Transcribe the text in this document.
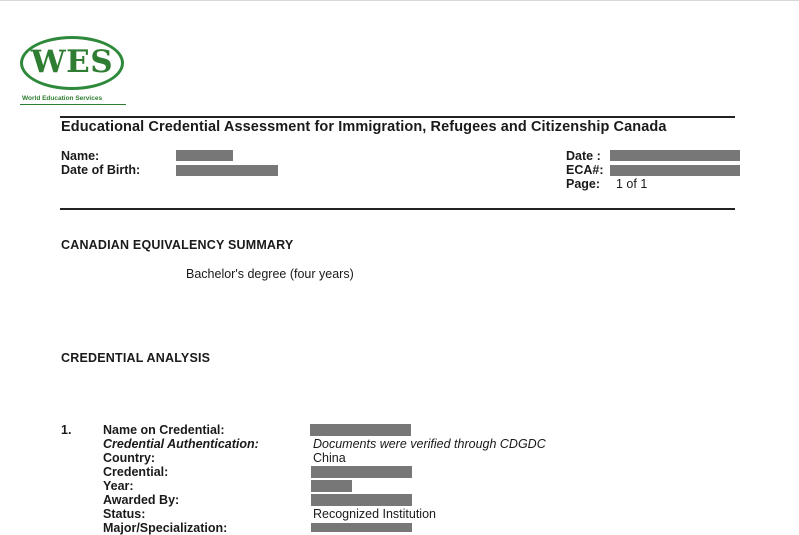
WES
World Education Services
Educational Credential Assessment for Immigration, Refugees and Citizenship Canada
Name:
Date of Birth:
Date :
ECA#:
Page: 1 of 1
CANADIAN EQUIVALENCY SUMMARY
Bachelor's degree (four years)
CREDENTIAL ANALYSIS
1.	Name on Credential:
Credential Authentication:	Documents were verified through CDGDC
Country:	China
Credential:
Year:
Awarded By:
Status:	Recognized Institution
Major/Specialization:
